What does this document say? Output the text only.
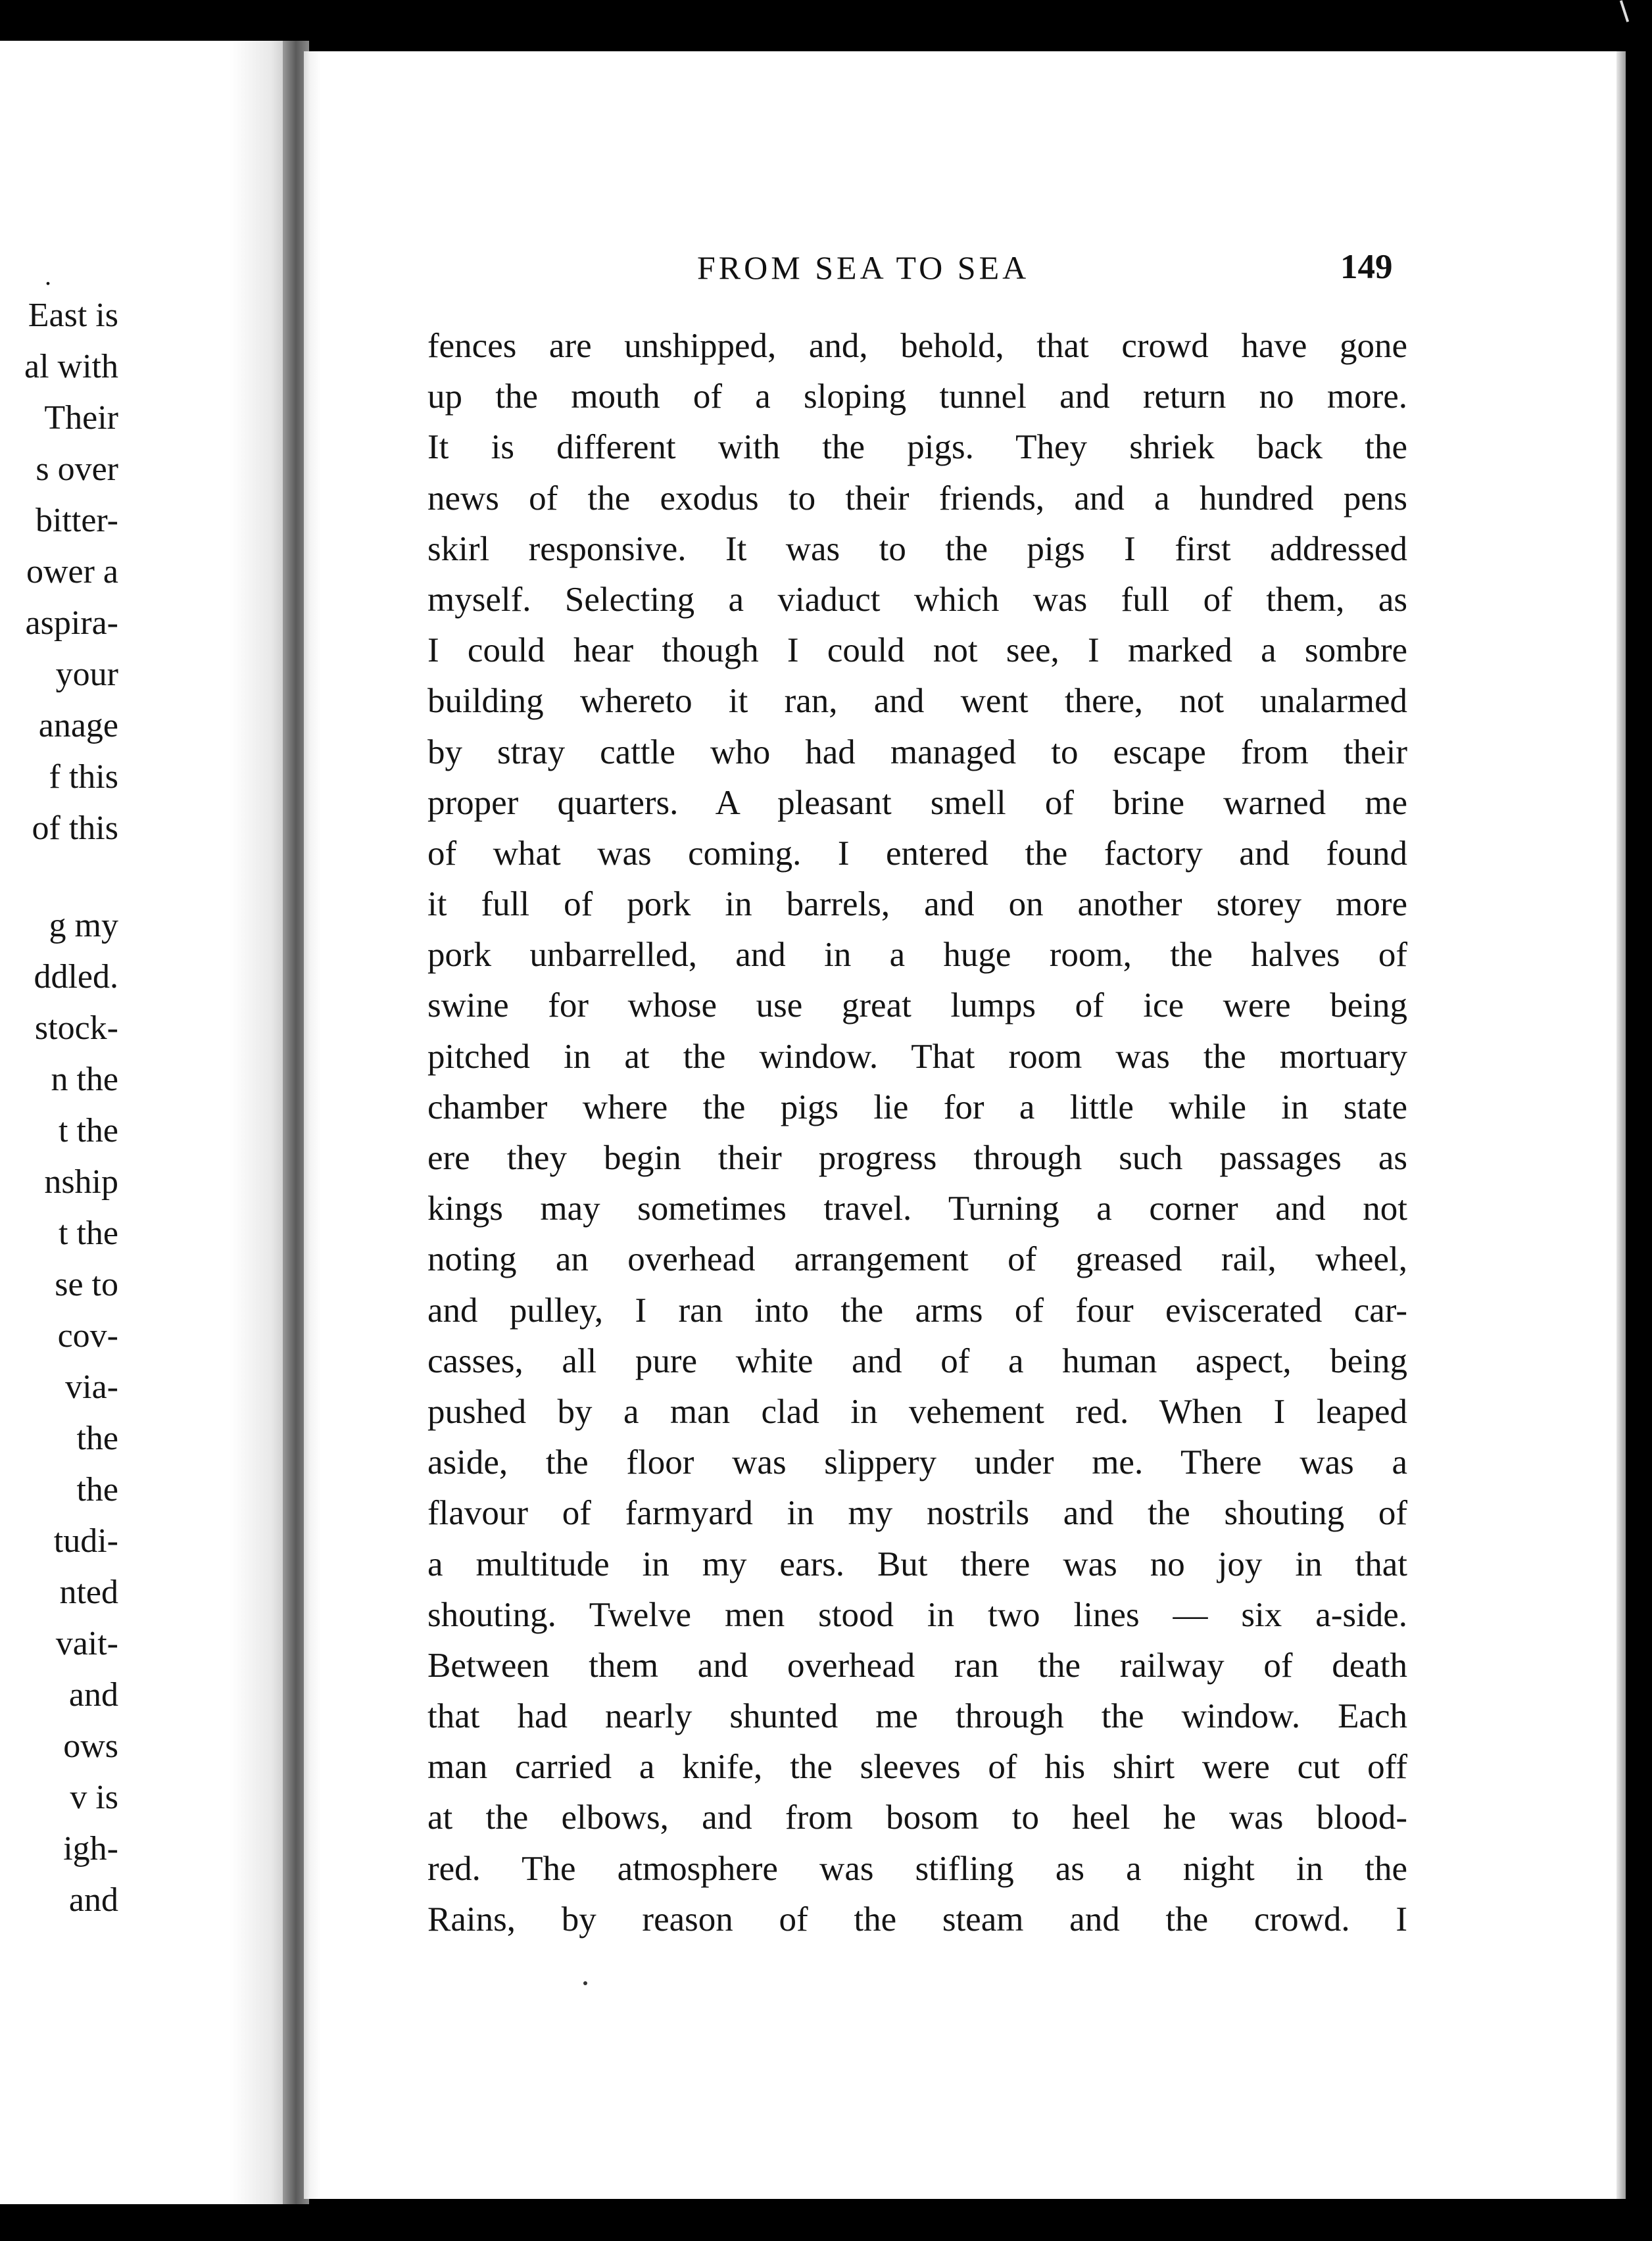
.
East is
al with
Their
s over
bitter-
ower a
aspira-
your
anage
f this
of this
g my
ddled.
stock-
n the
t the
nship
t the
se to
cov-
via-
the
the
tudi-
nted
vait-
and
ows
v is
igh-
and
FROM SEA TO SEA	149
fences are unshipped, and, behold, that crowd have gone
up the mouth of a sloping tunnel and return no more.
It is different with the pigs. They shriek back the
news of the exodus to their friends, and a hundred pens
skirl responsive. It was to the pigs I first addressed
myself. Selecting a viaduct which was full of them, as
I could hear though I could not see, I marked a sombre
building whereto it ran, and went there, not unalarmed
by stray cattle who had managed to escape from their
proper quarters. A pleasant smell of brine warned me
of what was coming. I entered the factory and found
it full of pork in barrels, and on another storey more
pork unbarrelled, and in a huge room, the halves of
swine for whose use great lumps of ice were being
pitched in at the window. That room was the mortuary
chamber where the pigs lie for a little while in state
ere they begin their progress through such passages as
kings may sometimes travel. Turning a corner and not
noting an overhead arrangement of greased rail, wheel,
and pulley, I ran into the arms of four eviscerated car-
casses, all pure white and of a human aspect, being
pushed by a man clad in vehement red. When I leaped
aside, the floor was slippery under me. There was a
flavour of farmyard in my nostrils and the shouting of
a multitude in my ears. But there was no joy in that
shouting. Twelve men stood in two lines — six a-side.
Between them and overhead ran the railway of death
that had nearly shunted me through the window. Each
man carried a knife, the sleeves of his shirt were cut off
at the elbows, and from bosom to heel he was blood-
red. The atmosphere was stifling as a night in the
Rains, by reason of the steam and the crowd. I
